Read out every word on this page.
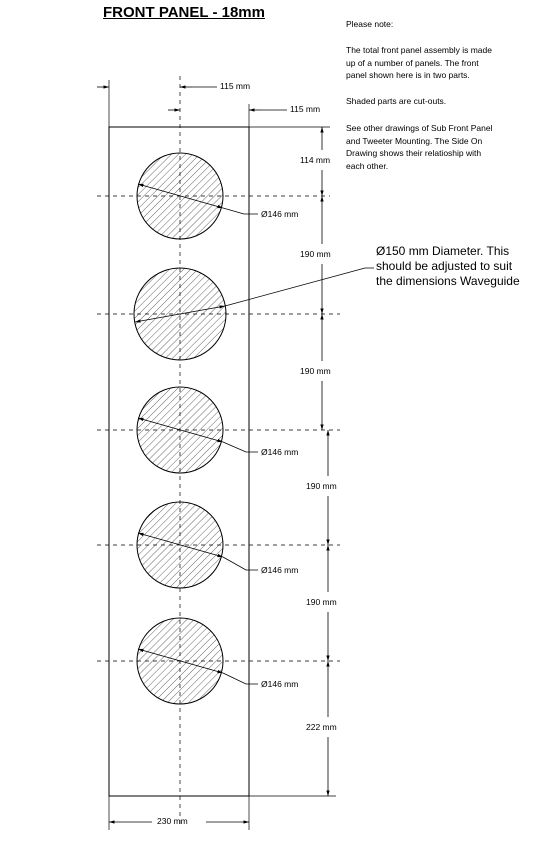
FRONT PANEL - 18mm
Please note:
The total front panel assembly is made
up of a number of panels. The front
panel shown here is in two parts.
Shaded parts are cut-outs.
See other drawings of Sub Front Panel
and Tweeter Mounting. The Side On
Drawing shows their relatioship with
each other.
Ø150 mm Diameter. This
should be adjusted to suit
the dimensions Waveguide
115 mm
115 mm
114 mm
190 mm
190 mm
190 mm
190 mm
222 mm
230 mm
Ø146 mm
Ø146 mm
Ø146 mm
Ø146 mm
